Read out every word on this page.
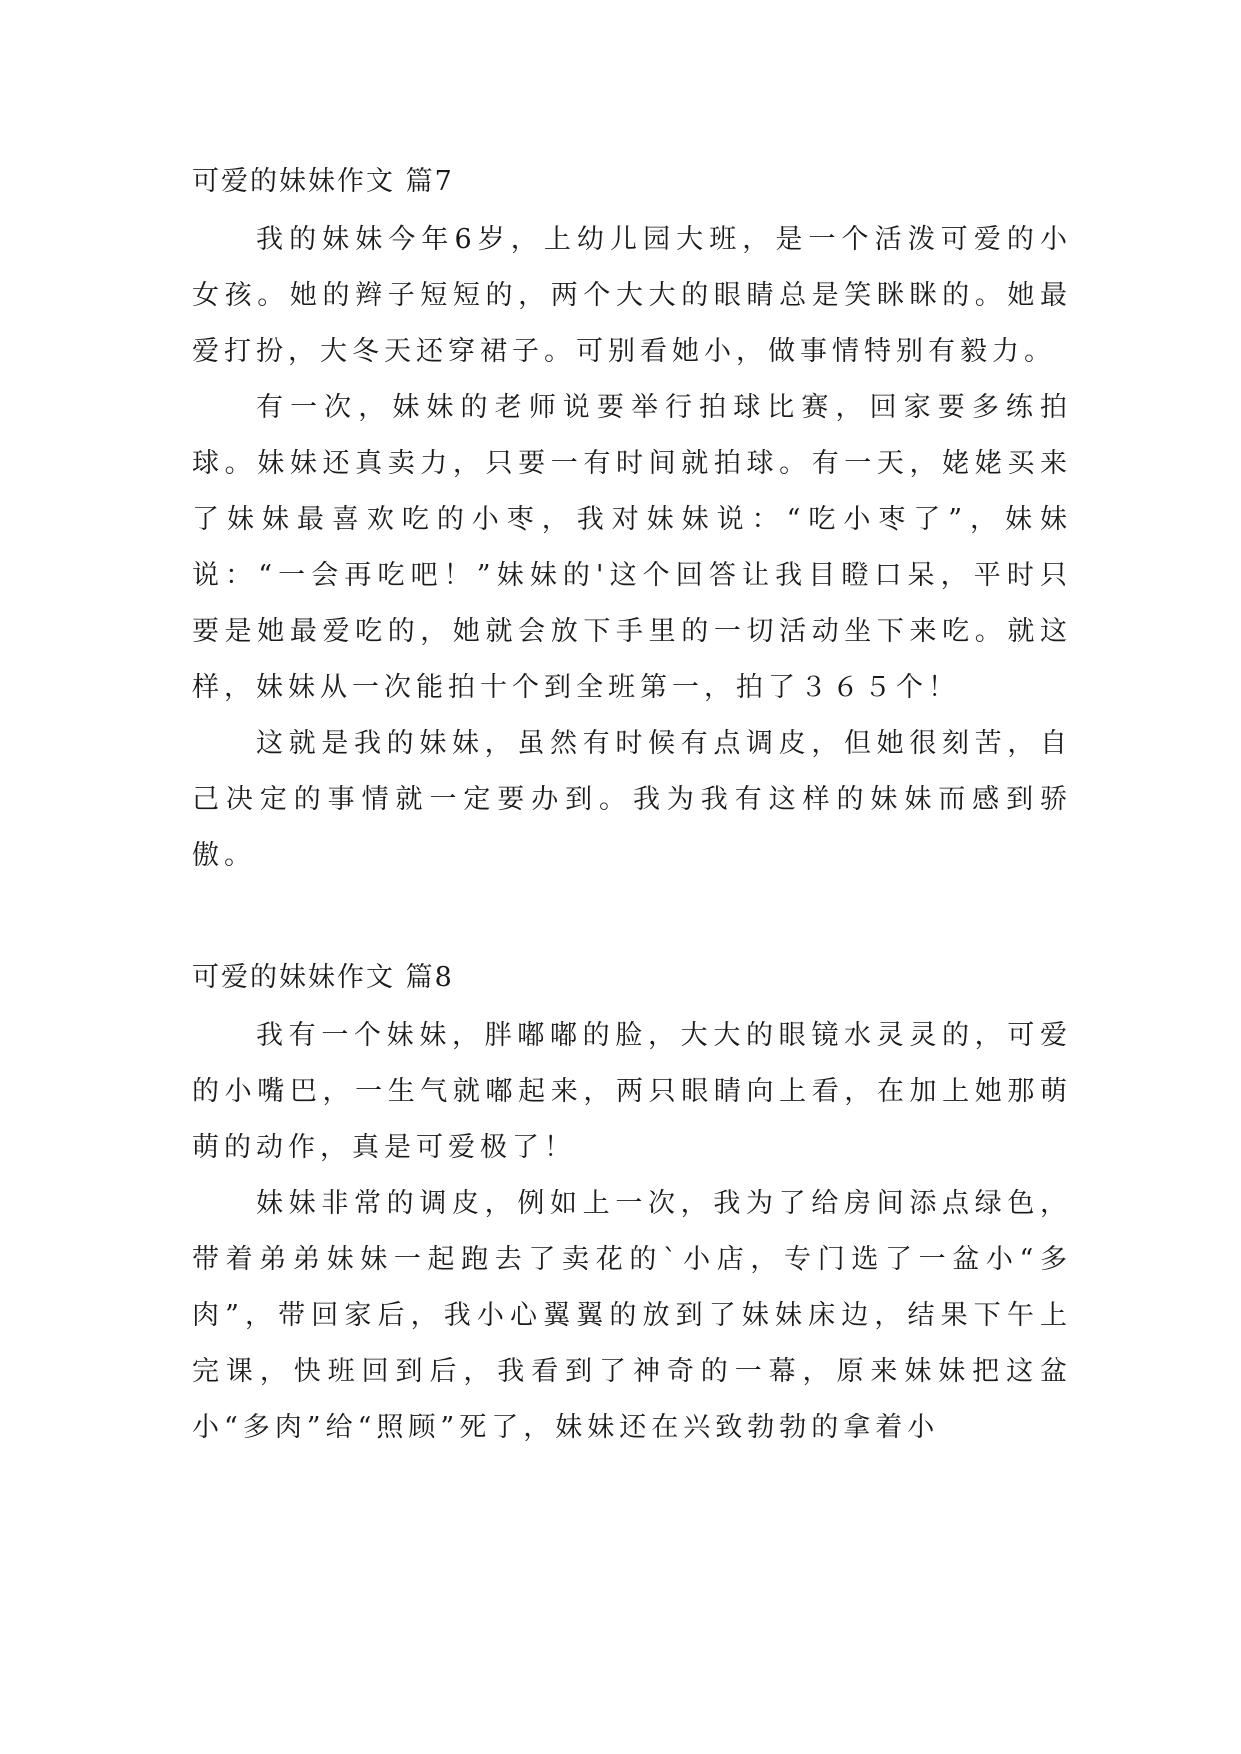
可爱的妹妹作文 篇7

我的妹妹今年6岁，上幼儿园大班，是一个活泼可爱的小女孩。她的辫子短短的，两个大大的眼睛总是笑眯眯的。她最爱打扮，大冬天还穿裙子。可别看她小，做事情特别有毅力。

有一次，妹妹的老师说要举行拍球比赛，回家要多练拍球。妹妹还真卖力，只要一有时间就拍球。有一天，姥姥买来了妹妹最喜欢吃的小枣，我对妹妹说：“吃小枣了”，妹妹说：“一会再吃吧！”妹妹的'这个回答让我目瞪口呆，平时只要是她最爱吃的，她就会放下手里的一切活动坐下来吃。就这样，妹妹从一次能拍十个到全班第一，拍了３６５个！

这就是我的妹妹，虽然有时候有点调皮，但她很刻苦，自己决定的事情就一定要办到。我为我有这样的妹妹而感到骄傲。

可爱的妹妹作文 篇8

我有一个妹妹，胖嘟嘟的脸，大大的眼镜水灵灵的，可爱的小嘴巴，一生气就嘟起来，两只眼睛向上看，在加上她那萌萌的动作，真是可爱极了！

妹妹非常的调皮，例如上一次，我为了给房间添点绿色，带着弟弟妹妹一起跑去了卖花的`小店，专门选了一盆小“多肉”，带回家后，我小心翼翼的放到了妹妹床边，结果下午上完课，快班回到后，我看到了神奇的一幕，原来妹妹把这盆小“多肉”给“照顾”死了，妹妹还在兴致勃勃的拿着小
